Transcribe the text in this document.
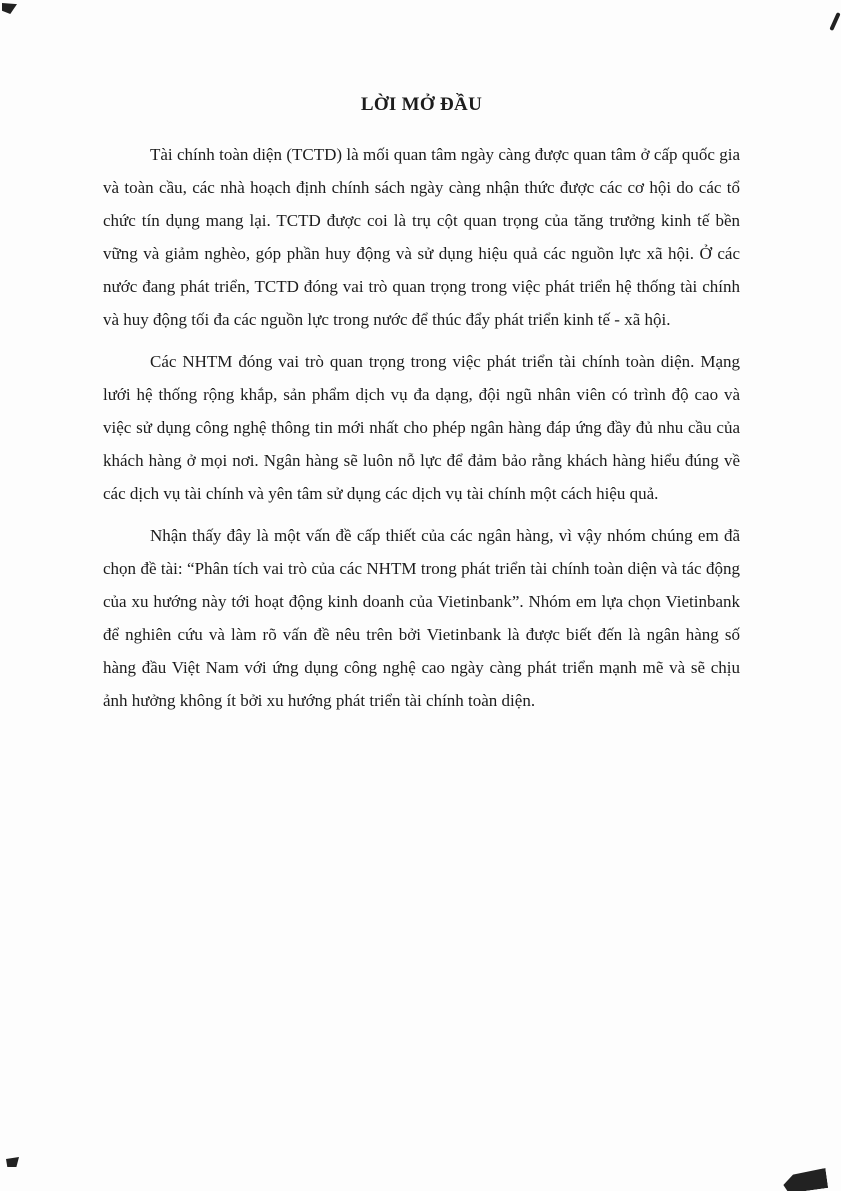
LỜI MỞ ĐẦU

Tài chính toàn diện (TCTD) là mối quan tâm ngày càng được quan tâm ở cấp quốc gia và toàn cầu, các nhà hoạch định chính sách ngày càng nhận thức được các cơ hội do các tổ chức tín dụng mang lại. TCTD được coi là trụ cột quan trọng của tăng trưởng kinh tế bền vững và giảm nghèo, góp phần huy động và sử dụng hiệu quả các nguồn lực xã hội. Ở các nước đang phát triển, TCTD đóng vai trò quan trọng trong việc phát triển hệ thống tài chính và huy động tối đa các nguồn lực trong nước để thúc đẩy phát triển kinh tế - xã hội.

Các NHTM đóng vai trò quan trọng trong việc phát triển tài chính toàn diện. Mạng lưới hệ thống rộng khắp, sản phẩm dịch vụ đa dạng, đội ngũ nhân viên có trình độ cao và việc sử dụng công nghệ thông tin mới nhất cho phép ngân hàng đáp ứng đầy đủ nhu cầu của khách hàng ở mọi nơi. Ngân hàng sẽ luôn nỗ lực để đảm bảo rằng khách hàng hiểu đúng về các dịch vụ tài chính và yên tâm sử dụng các dịch vụ tài chính một cách hiệu quả.

Nhận thấy đây là một vấn đề cấp thiết của các ngân hàng, vì vậy nhóm chúng em đã chọn đề tài: “Phân tích vai trò của các NHTM trong phát triển tài chính toàn diện và tác động của xu hướng này tới hoạt động kinh doanh của Vietinbank”. Nhóm em lựa chọn Vietinbank để nghiên cứu và làm rõ vấn đề nêu trên bởi Vietinbank là được biết đến là ngân hàng số hàng đầu Việt Nam với ứng dụng công nghệ cao ngày càng phát triển mạnh mẽ và sẽ chịu ảnh hưởng không ít bởi xu hướng phát triển tài chính toàn diện.
